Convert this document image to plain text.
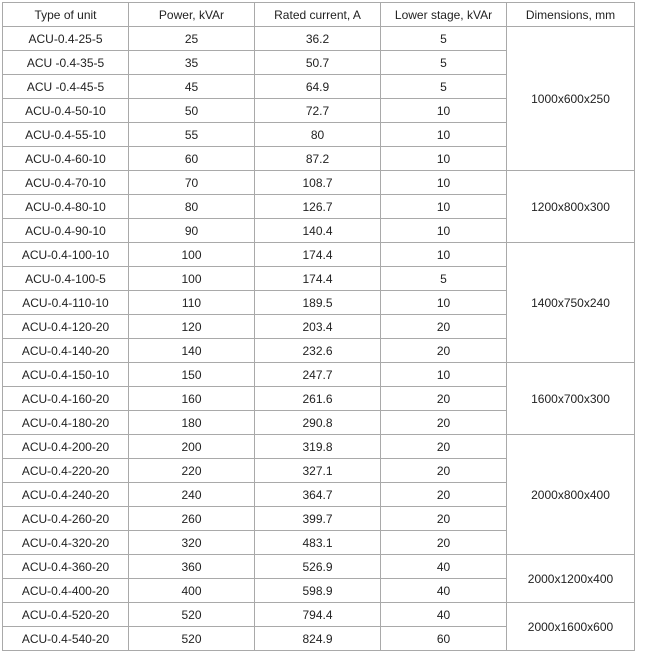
Type of unit	Power, kVAr	Rated current, A	Lower stage, kVAr	Dimensions, mm
ACU-0.4-25-5	25	36.2	5	1000x600x250
ACU -0.4-35-5	35	50.7	5	
ACU -0.4-45-5	45	64.9	5	
ACU-0.4-50-10	50	72.7	10	
ACU-0.4-55-10	55	80	10	
ACU-0.4-60-10	60	87.2	10	
ACU-0.4-70-10	70	108.7	10	1200x800x300
ACU-0.4-80-10	80	126.7	10	
ACU-0.4-90-10	90	140.4	10	
ACU-0.4-100-10	100	174.4	10	1400x750x240
ACU-0.4-100-5	100	174.4	5	
ACU-0.4-110-10	110	189.5	10	
ACU-0.4-120-20	120	203.4	20	
ACU-0.4-140-20	140	232.6	20	
ACU-0.4-150-10	150	247.7	10	1600x700x300
ACU-0.4-160-20	160	261.6	20	
ACU-0.4-180-20	180	290.8	20	
ACU-0.4-200-20	200	319.8	20	2000x800x400
ACU-0.4-220-20	220	327.1	20	
ACU-0.4-240-20	240	364.7	20	
ACU-0.4-260-20	260	399.7	20	
ACU-0.4-320-20	320	483.1	20	
ACU-0.4-360-20	360	526.9	40	2000x1200x400
ACU-0.4-400-20	400	598.9	40	
ACU-0.4-520-20	520	794.4	40	2000x1600x600
ACU-0.4-540-20	520	824.9	60	
